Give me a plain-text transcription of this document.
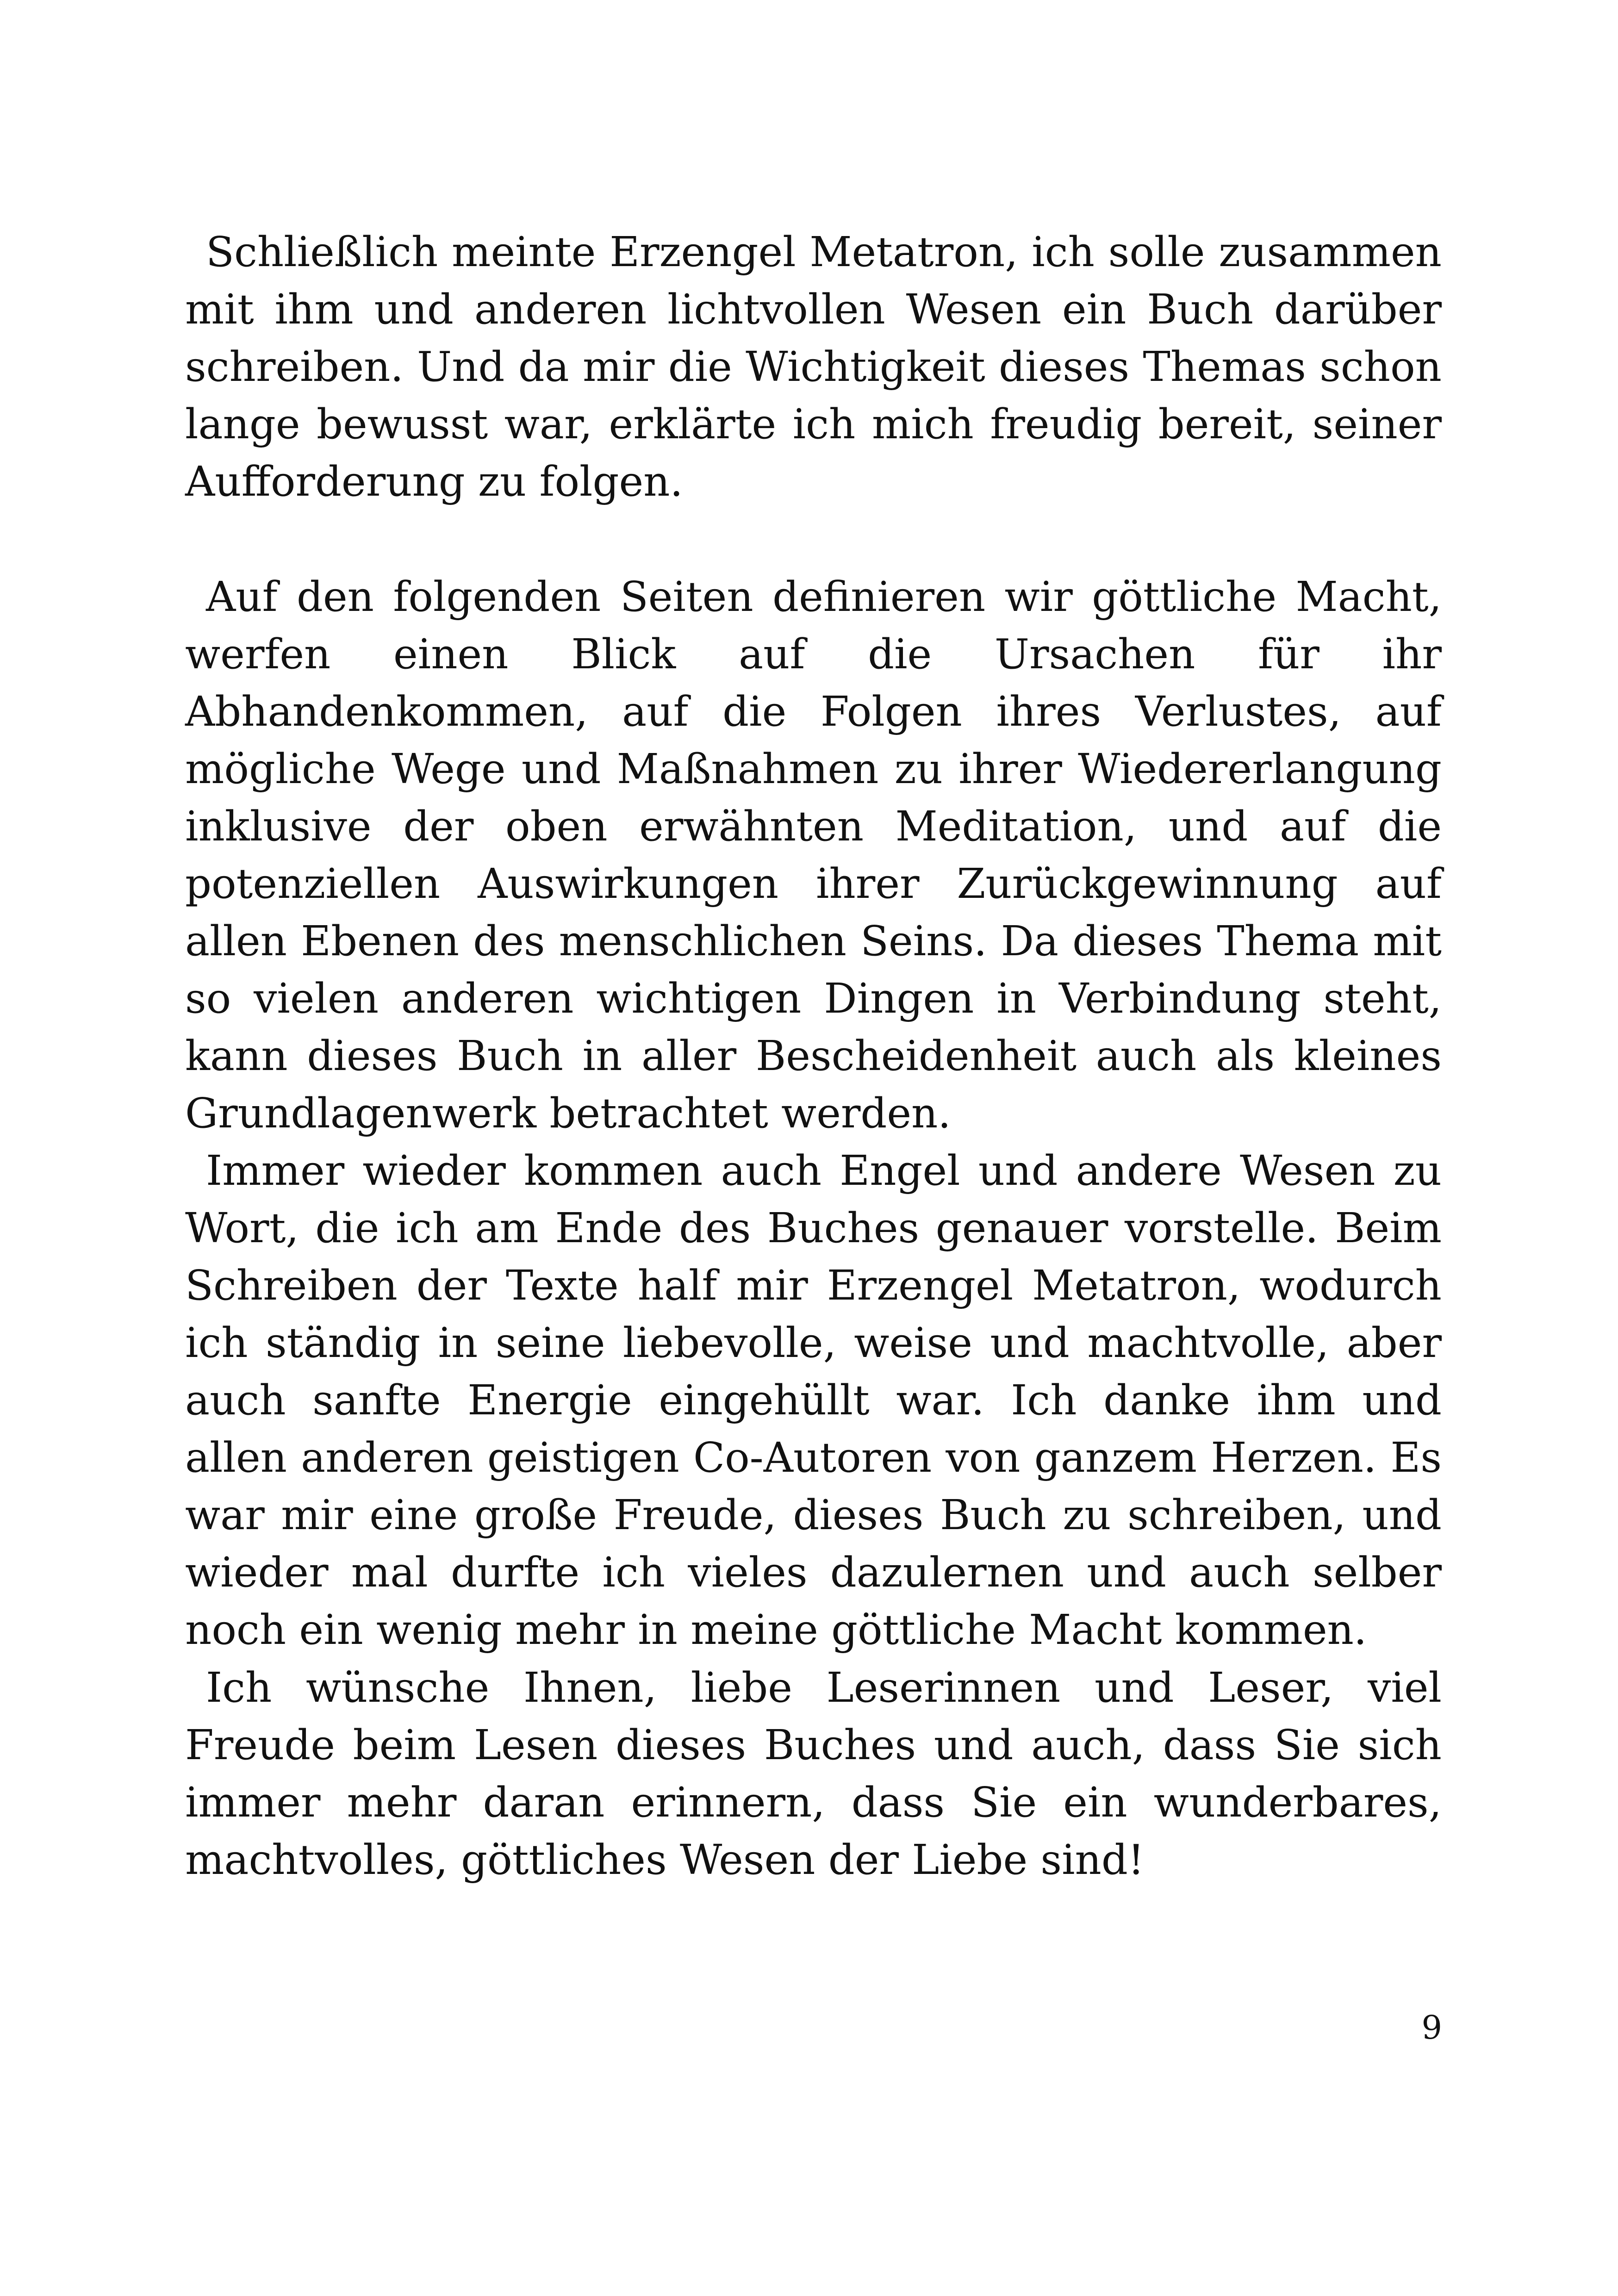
Schließlich meinte Erzengel Metatron, ich solle zusammen mit ihm und anderen lichtvollen Wesen ein Buch darüber schreiben. Und da mir die Wichtigkeit dieses Themas schon lange bewusst war, erklärte ich mich freudig bereit, seiner Aufforderung zu folgen.

Auf den folgenden Seiten definieren wir göttliche Macht, werfen einen Blick auf die Ursachen für ihr Abhandenkommen, auf die Folgen ihres Verlustes, auf mögliche Wege und Maßnahmen zu ihrer Wiedererlangung inklusive der oben erwähnten Meditation, und auf die potenziellen Auswirkungen ihrer Zurückgewinnung auf allen Ebenen des menschlichen Seins. Da dieses Thema mit so vielen anderen wichtigen Dingen in Verbindung steht, kann dieses Buch in aller Bescheidenheit auch als kleines Grundlagenwerk betrachtet werden.

Immer wieder kommen auch Engel und andere Wesen zu Wort, die ich am Ende des Buches genauer vorstelle. Beim Schreiben der Texte half mir Erzengel Metatron, wodurch ich ständig in seine liebevolle, weise und machtvolle, aber auch sanfte Energie eingehüllt war. Ich danke ihm und allen anderen geistigen Co-Autoren von ganzem Herzen. Es war mir eine große Freude, dieses Buch zu schreiben, und wieder mal durfte ich vieles dazulernen und auch selber noch ein wenig mehr in meine göttliche Macht kommen.

Ich wünsche Ihnen, liebe Leserinnen und Leser, viel Freude beim Lesen dieses Buches und auch, dass Sie sich immer mehr daran erinnern, dass Sie ein wunderbares, machtvolles, göttliches Wesen der Liebe sind!

9
